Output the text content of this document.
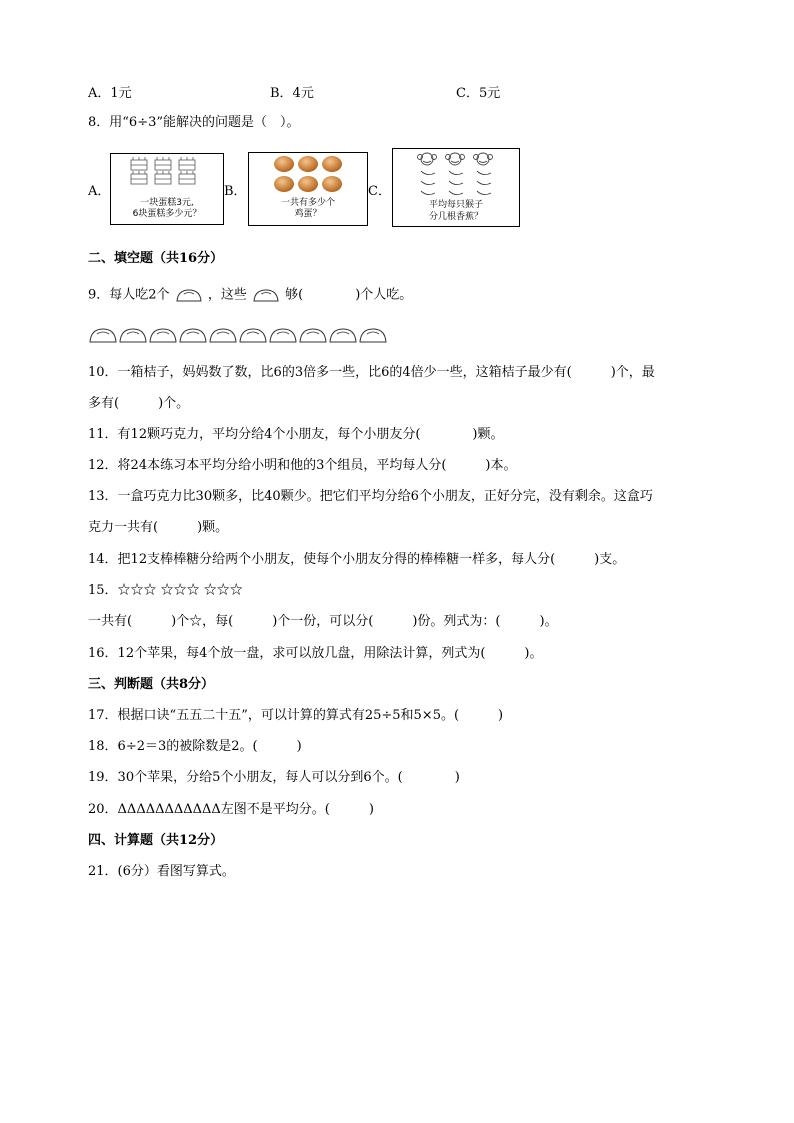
A．1元	B．4元	C．5元
8．用“6÷3”能解决的问题是（　）。
A．
一块蛋糕3元,
6块蛋糕多少元？
B．
一共有多少个
鸡蛋？
C．
平均每只猴子
分几根香蕉？
二、填空题（共16分）
9．每人吃2个	，这些	够(　　　　)个人吃。
10．一箱桔子，妈妈数了数，比6的3倍多一些，比6的4倍少一些，这箱桔子最少有(　　　)个，最
多有(　　　)个。
11．有12颗巧克力，平均分给4个小朋友，每个小朋友分(　　　　)颗。
12．将24本练习本平均分给小明和他的3个组员，平均每人分(　　　)本。
13．一盒巧克力比30颗多，比40颗少。把它们平均分给6个小朋友，正好分完，没有剩余。这盒巧
克力一共有(　　　)颗。
14．把12支棒棒糖分给两个小朋友，使每个小朋友分得的棒棒糖一样多，每人分(　　　)支。
15．☆☆☆ ☆☆☆ ☆☆☆
一共有(　　　)个☆，每(　　　)个一份，可以分(　　　)份。列式为：(　　　)。
16．12个苹果，每4个放一盘，求可以放几盘，用除法计算，列式为(　　　)。
三、判断题（共8分）
17．根据口诀“五五二十五”，可以计算的算式有25÷5和5×5。(　　　)
18．6÷2＝3的被除数是2。(　　　)
19．30个苹果，分给5个小朋友，每人可以分到6个。(　　　　)
20．ΔΔΔΔΔΔΔΔΔΔΔ左图不是平均分。(　　　)
四、计算题（共12分）
21．(6分）看图写算式。
